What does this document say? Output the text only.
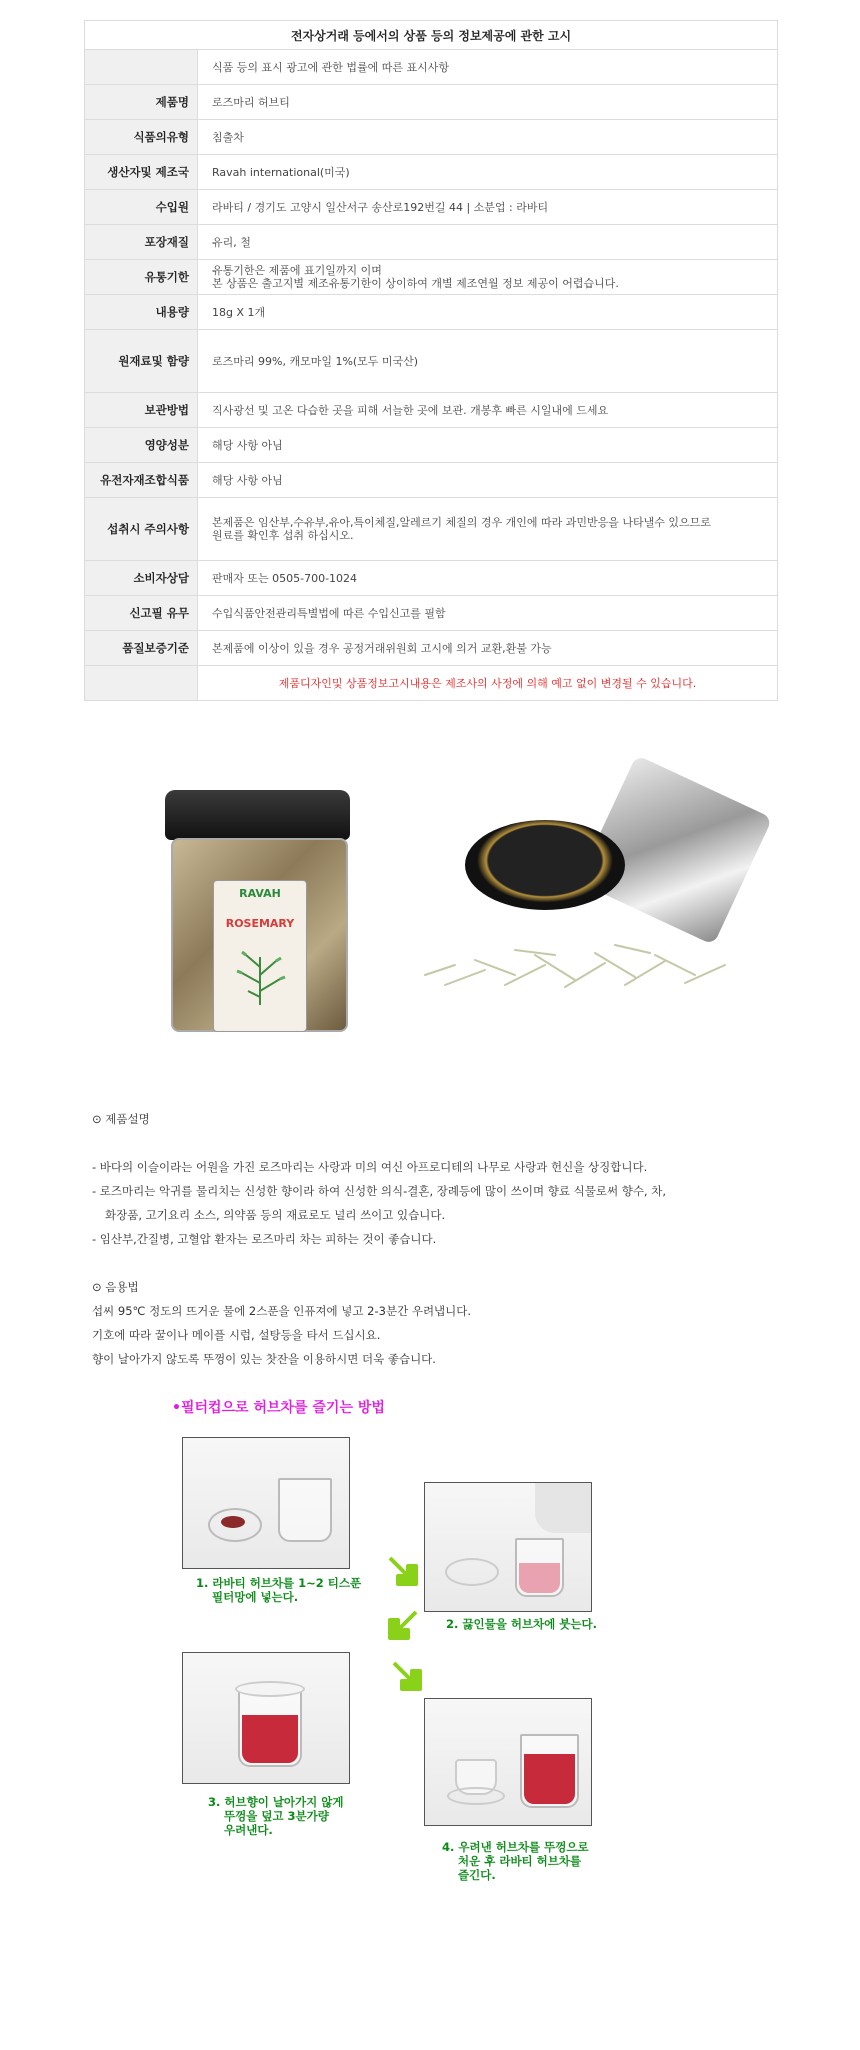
전자상거래 등에서의 상품 등의 정보제공에 관한 고시	
	식품 등의 표시 광고에 관한 법률에 따른 표시사항
제품명	로즈마리 허브티
식품의유형	침출차
생산자및 제조국	Ravah international(미국)
수입원	라바티 / 경기도 고양시 일산서구 송산로192번길 44 | 소분업 : 라바티
포장재질	유리, 철
유통기한	유통기한은 제품에 표기일까지 이며
본 상품은 출고지별 제조유통기한이 상이하여 개별 제조연월 정보 제공이 어렵습니다.

내용량	18g X 1개
원재료및 함량	로즈마리 99%, 캐모마일 1%(모두 미국산)
보관방법	직사광선 및 고온 다습한 곳을 피해 서늘한 곳에 보관. 개봉후 빠른 시일내에 드세요
영양성분	해당 사항 아님
유전자재조합식품	해당 사항 아님
섭취시 주의사항	본제품은 임산부,수유부,유아,특이체질,알레르기 체질의 경우 개인에 따라 과민반응을 나타낼수 있으므로
원료를 확인후 섭취 하십시오.

소비자상담	판매자 또는 0505-700-1024
신고필 유무	수입식품안전관리특별법에 따른 수입신고를 필함
품질보증기준	본제품에 이상이 있을 경우 공정거래위원회 고시에 의거 교환,환불 가능
	제품디자인및 상품정보고시내용은 제조사의 사정에 의해 예고 없이 변경될 수 있습니다.
RAVAH
ROSEMARY

⊙ 제품설명

- 바다의 이슬이라는 어원을 가진 로즈마리는 사랑과 미의 여신 아프로디테의 나무로 사랑과 헌신을 상징합니다.

- 로즈마리는 악귀를 물리치는 신성한 향이라 하여 신성한 의식-결혼, 장례등에 많이 쓰이며 향료 식물로써 향수, 차,

화장품, 고기요리 소스, 의약품 등의 재료로도 널리 쓰이고 있습니다.

- 임산부,간질병, 고혈압 환자는 로즈마리 차는 피하는 것이 좋습니다.

⊙ 음용법

섭씨 95℃ 정도의 뜨거운 물에 2스푼을 인퓨져에 넣고 2-3분간 우려냅니다.

기호에 따라 꿀이나 메이플 시럽, 설탕등을 타서 드십시요.

향이 날아가지 않도록 뚜껑이 있는 찻잔을 이용하시면 더욱 좋습니다.

•필터컵으로 허브차를 즐기는 방법
1. 라바티 허브차를 1~2 티스푼
필터망에 넣는다.
2. 끓인물을 허브차에 붓는다.
3. 허브향이 날아가지 않게
뚜껑을 덮고 3분가량
우려낸다.
4. 우려낸 허브차를 뚜껑으로
처운 후 라바티 허브차를
즐긴다.
